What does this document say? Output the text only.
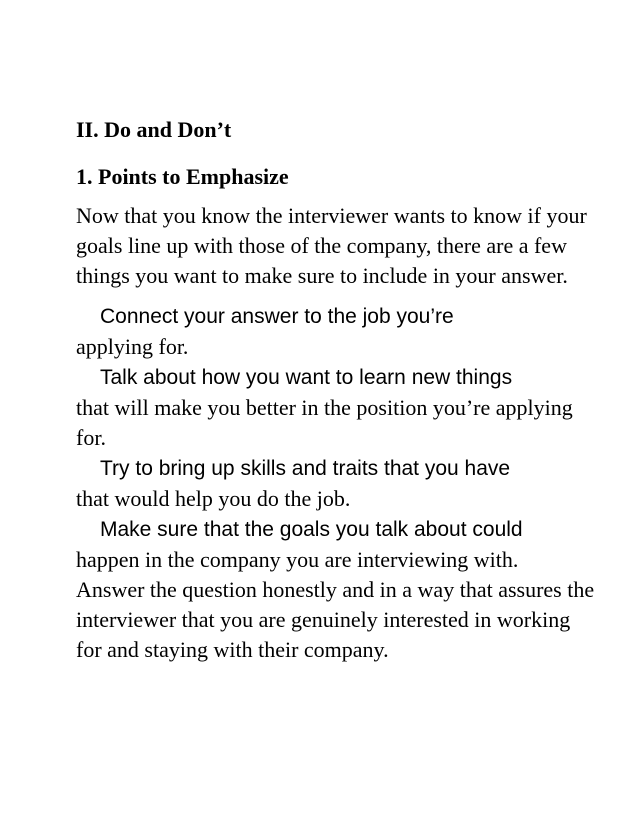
II. Do and Don’t
1. Points to Emphasize

Now that you know the interviewer wants to know if your goals line up with those of the company, there are a few things you want to make sure to include in your answer.

Connect your answer to the job you’re
applying for.
Talk about how you want to learn new things
that will make you better in the position you’re applying for.
Try to bring up skills and traits that you have
that would help you do the job.
Make sure that the goals you talk about could
happen in the company you are interviewing with.

Answer the question honestly and in a way that assures the interviewer that you are genuinely interested in working for and staying with their company.
